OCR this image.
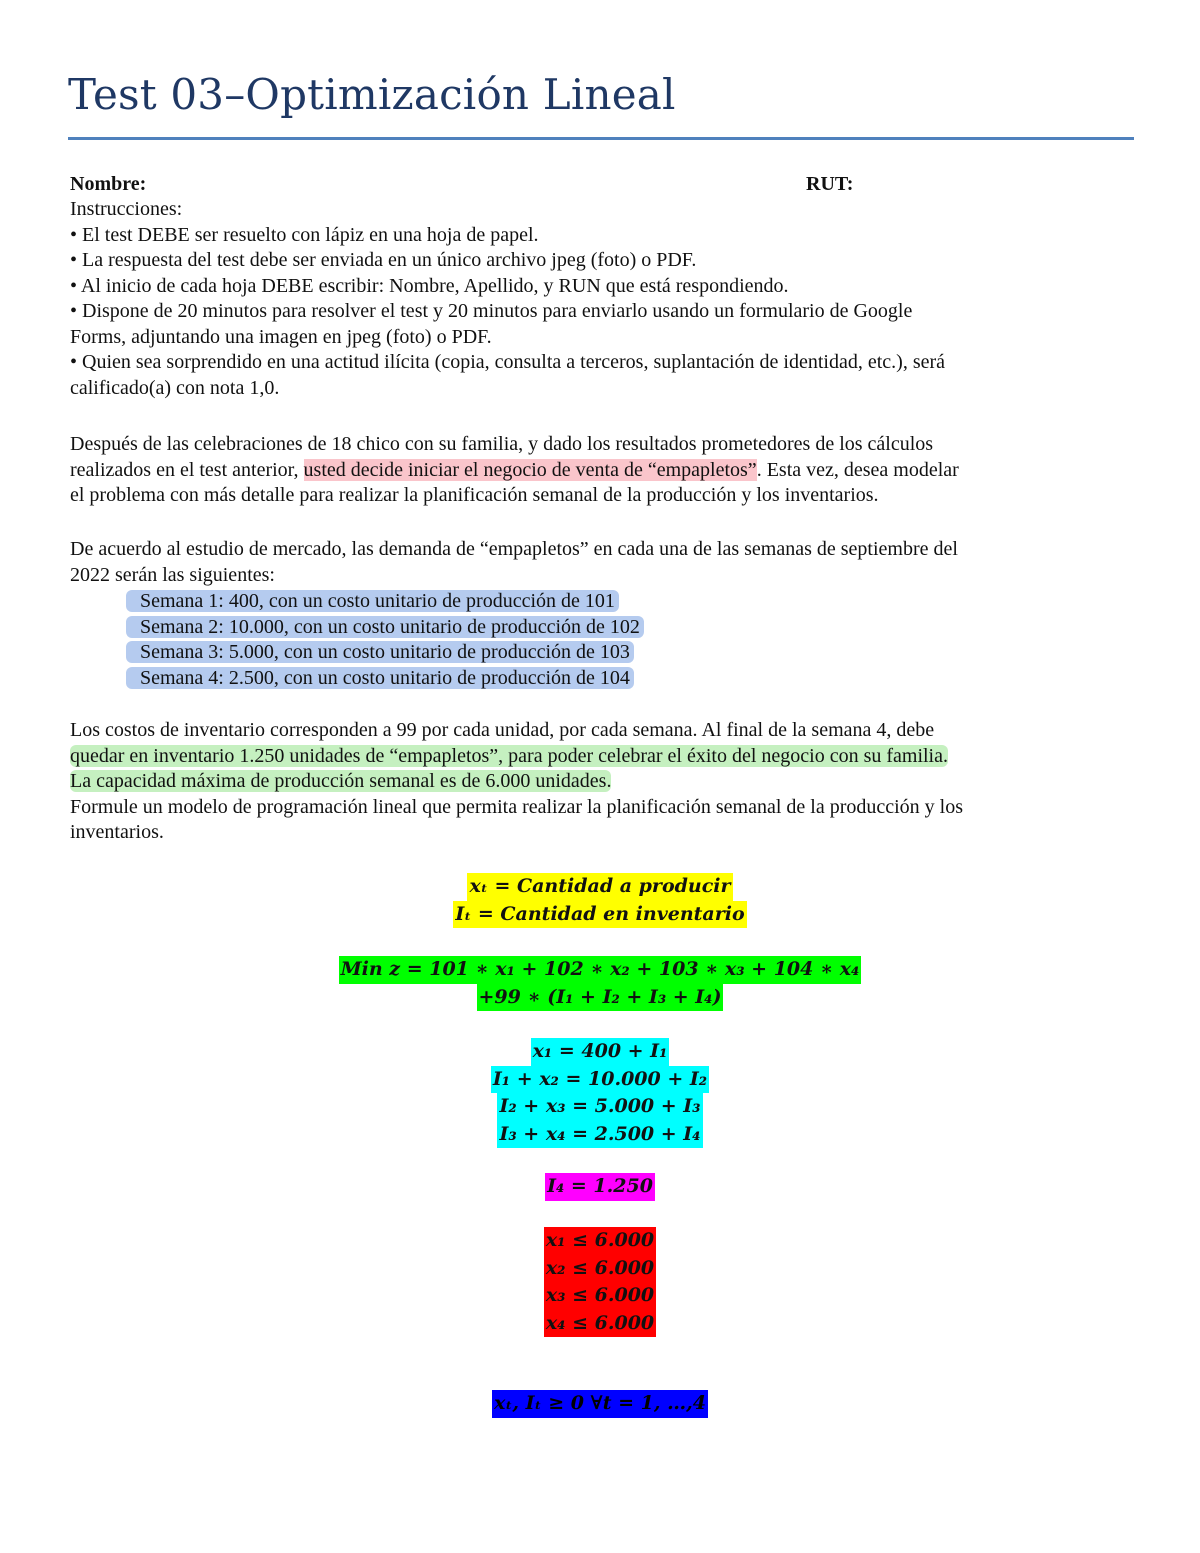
Test 03–Optimización Lineal
Nombre:	RUT:
Instrucciones:
• El test DEBE ser resuelto con lápiz en una hoja de papel.
• La respuesta del test debe ser enviada en un único archivo jpeg (foto) o PDF.
• Al inicio de cada hoja DEBE escribir: Nombre, Apellido, y RUN que está respondiendo.
• Dispone de 20 minutos para resolver el test y 20 minutos para enviarlo usando un formulario de Google
Forms, adjuntando una imagen en jpeg (foto) o PDF.
• Quien sea sorprendido en una actitud ilícita (copia, consulta a terceros, suplantación de identidad, etc.), será
calificado(a) con nota 1,0.
Después de las celebraciones de 18 chico con su familia, y dado los resultados prometedores de los cálculos
realizados en el test anterior, usted decide iniciar el negocio de venta de “empapletos”. Esta vez, desea modelar
el problema con más detalle para realizar la planificación semanal de la producción y los inventarios.
De acuerdo al estudio de mercado, las demanda de “empapletos” en cada una de las semanas de septiembre del
2022 serán las siguientes:
Semana 1: 400, con un costo unitario de producción de 101
Semana 2: 10.000, con un costo unitario de producción de 102
Semana 3: 5.000, con un costo unitario de producción de 103
Semana 4: 2.500, con un costo unitario de producción de 104
Los costos de inventario corresponden a 99 por cada unidad, por cada semana. Al final de la semana 4, debe
quedar en inventario 1.250 unidades de “empapletos”, para poder celebrar el éxito del negocio con su familia.
La capacidad máxima de producción semanal es de 6.000 unidades.
Formule un modelo de programación lineal que permita realizar la planificación semanal de la producción y los
inventarios.
xₜ = Cantidad a producir
Iₜ = Cantidad en inventario
Min z = 101 ∗ x₁ + 102 ∗ x₂ + 103 ∗ x₃ + 104 ∗ x₄
+99 ∗ (I₁ + I₂ + I₃ + I₄)
x₁ = 400 + I₁
I₁ + x₂ = 10.000 + I₂
I₂ + x₃ = 5.000 + I₃
I₃ + x₄ = 2.500 + I₄
I₄ = 1.250
x₁ ≤ 6.000
x₂ ≤ 6.000
x₃ ≤ 6.000
x₄ ≤ 6.000
xₜ, Iₜ ≥ 0 ∀t = 1, …,4
